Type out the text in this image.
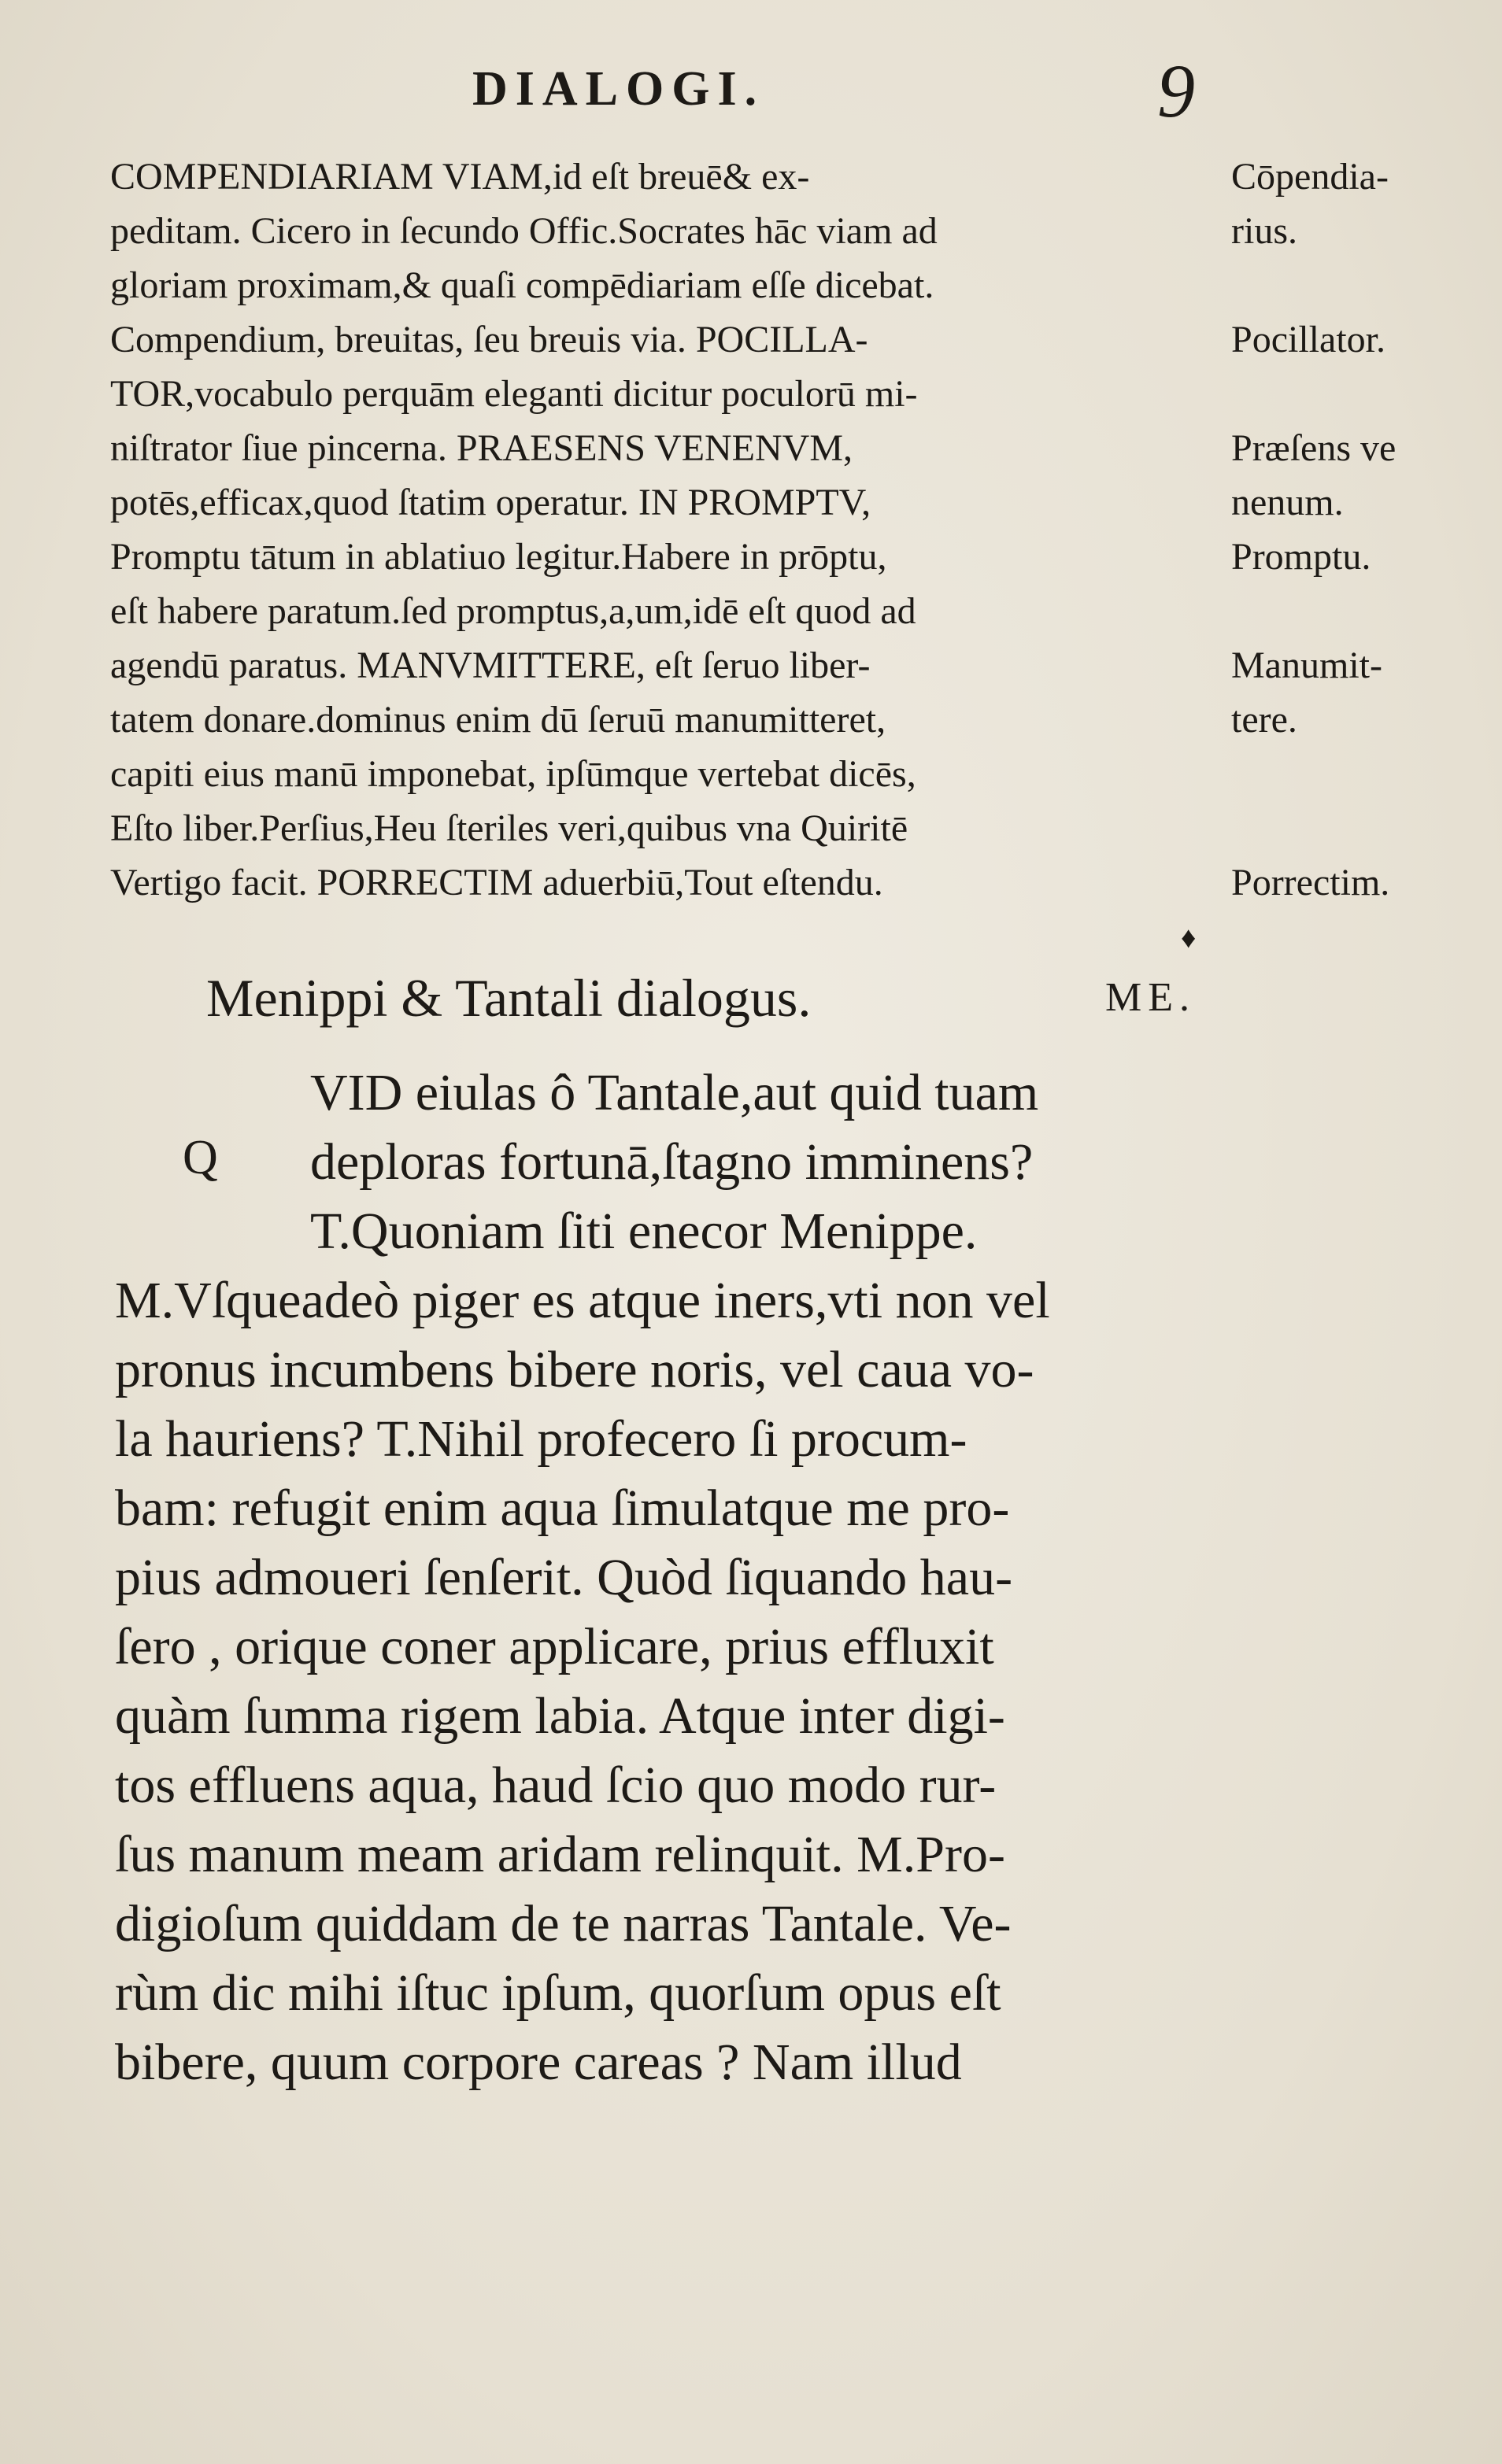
DIALOGI.	9
COMPENDIARIAM VIAM,id eſt breuē& ex-	Cōpendia-
peditam. Cicero in ſecundo Offic.Socrates hāc viam ad	rius.
gloriam proximam,& quaſi compēdiariam eſſe dicebat.
Compendium, breuitas, ſeu breuis via. POCILLA-	Pocillator.
TOR,vocabulo perquām eleganti dicitur poculorū mi-
niſtrator ſiue pincerna. PRAESENS VENENVM,	Præſens ve
potēs,efficax,quod ſtatim operatur. IN PROMPTV,	nenum.
Promptu tātum in ablatiuo legitur.Habere in prōptu,	Promptu.
eſt habere paratum.ſed promptus,a,um,idē eſt quod ad
agendū paratus. MANVMITTERE, eſt ſeruo liber-	Manumit-
tatem donare.dominus enim dū ſeruū manumitteret,	tere.
capiti eius manū imponebat, ipſūmque vertebat dicēs,
Eſto liber.Perſius,Heu ſteriles veri,quibus vna Quiritē
Vertigo facit. PORRECTIM aduerbiū,Tout eſtendu.	Porrectim.
♦
Menippi & Tantali dialogus.	ME.
Q
VID eiulas ô Tantale,aut quid tuam
deploras fortunā,ſtagno imminens?
T.Quoniam ſiti enecor Menippe.
M.Vſqueadeò piger es atque iners,vti non vel
pronus incumbens bibere noris, vel caua vo-
la hauriens? T.Nihil profecero ſi procum-
bam: refugit enim aqua ſimulatque me pro-
pius admoueri ſenſerit. Quòd ſiquando hau-
ſero , orique coner applicare, prius effluxit
quàm ſumma rigem labia. Atque inter digi-
tos effluens aqua, haud ſcio quo modo rur-
ſus manum meam aridam relinquit. M.Pro-
digioſum quiddam de te narras Tantale. Ve-
rùm dic mihi iſtuc ipſum, quorſum opus eſt
bibere, quum corpore careas ? Nam illud
